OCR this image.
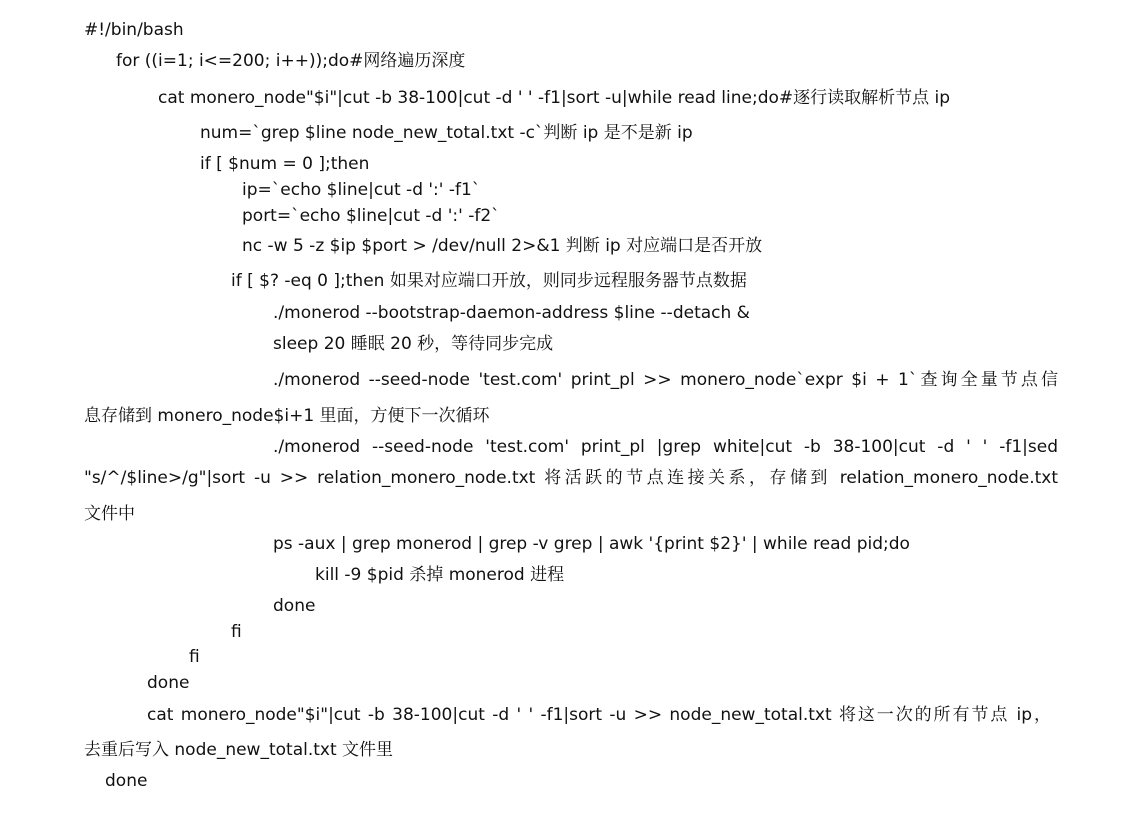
#!/bin/bash
for ((i=1; i<=200; i++));do#网络遍历深度
cat monero_node"$i"|cut -b 38-100|cut -d ' ' -f1|sort -u|while read line;do#逐行读取解析节点 ip
num=`grep $line node_new_total.txt -c`判断 ip 是不是新 ip
if [ $num = 0 ];then
ip=`echo $line|cut -d ':' -f1`
port=`echo $line|cut -d ':' -f2`
nc -w 5 -z $ip $port > /dev/null 2>&1 判断 ip 对应端口是否开放
if [ $? -eq 0 ];then 如果对应端口开放，则同步远程服务器节点数据
./monerod --bootstrap-daemon-address $line --detach &
sleep 20 睡眠 20 秒，等待同步完成
./monerod --seed-node 'test.com' print_pl >> monero_node`expr $i + 1`查询全量节点信
息存储到 monero_node$i+1 里面，方便下一次循环
./monerod --seed-node 'test.com' print_pl |grep white|cut -b 38-100|cut -d ' ' -f1|sed
"s/^/$line>/g"|sort -u >> relation_monero_node.txt 将活跃的节点连接关系，存储到 relation_monero_node.txt
文件中
ps -aux | grep monerod | grep -v grep | awk '{print $2}' | while read pid;do
kill -9 $pid 杀掉 monerod 进程
done
fi
fi
done
cat monero_node"$i"|cut -b 38-100|cut -d ' ' -f1|sort -u >> node_new_total.txt 将这一次的所有节点 ip，
去重后写入 node_new_total.txt 文件里
done
